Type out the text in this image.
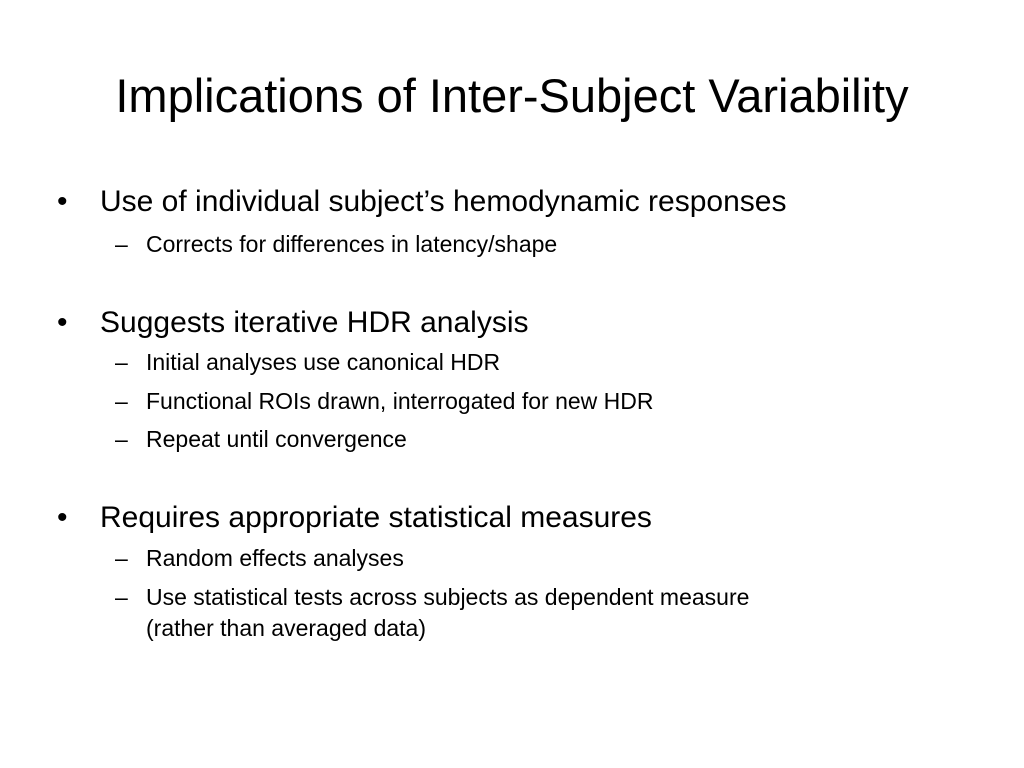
Implications of Inter-Subject Variability
• Use of individual subject’s hemodynamic responses
– Corrects for differences in latency/shape
• Suggests iterative HDR analysis
– Initial analyses use canonical HDR
– Functional ROIs drawn, interrogated for new HDR
– Repeat until convergence
• Requires appropriate statistical measures
– Random effects analyses
– Use statistical tests across subjects as dependent measure
(rather than averaged data)
